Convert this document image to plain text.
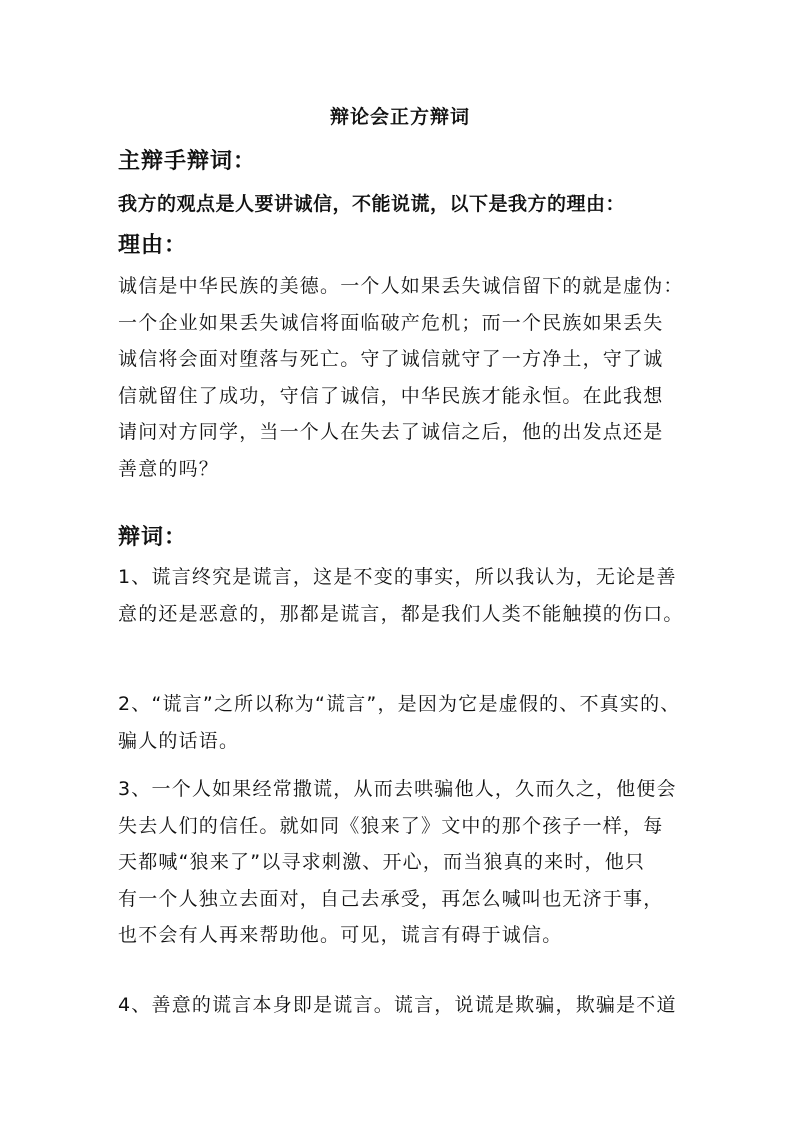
辩论会正方辩词
主辩手辩词：
我方的观点是人要讲诚信，不能说谎，以下是我方的理由：
理由：
诚信是中华民族的美德。一个人如果丢失诚信留下的就是虚伪：
一个企业如果丢失诚信将面临破产危机；而一个民族如果丢失
诚信将会面对堕落与死亡。守了诚信就守了一方净土，守了诚
信就留住了成功，守信了诚信，中华民族才能永恒。在此我想
请问对方同学，当一个人在失去了诚信之后，他的出发点还是
善意的吗？
辩词：
1、谎言终究是谎言，这是不变的事实，所以我认为，无论是善
意的还是恶意的，那都是谎言，都是我们人类不能触摸的伤口。
2、“谎言”之所以称为“谎言”，是因为它是虚假的、不真实的、
骗人的话语。
3、一个人如果经常撒谎，从而去哄骗他人，久而久之，他便会
失去人们的信任。就如同《狼来了》文中的那个孩子一样，每
天都喊“狼来了”以寻求刺激、开心，而当狼真的来时，他只
有一个人独立去面对，自己去承受，再怎么喊叫也无济于事，
也不会有人再来帮助他。可见，谎言有碍于诚信。
4、善意的谎言本身即是谎言。谎言，说谎是欺骗，欺骗是不道
